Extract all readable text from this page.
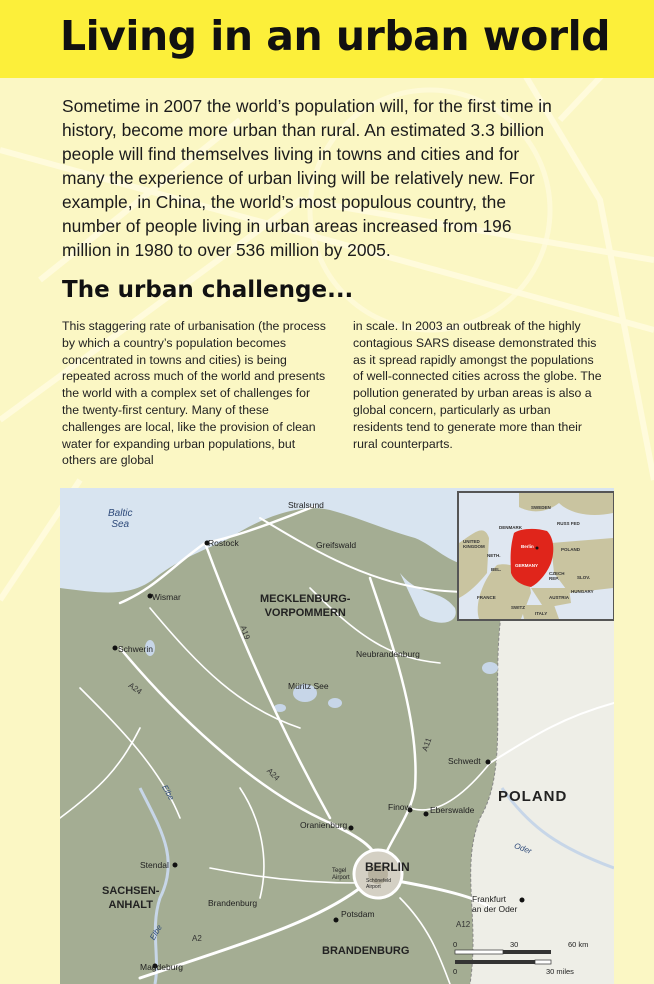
Living in an urban world

Sometime in 2007 the world’s population will, for the first time in history, become more urban than rural. An estimated 3.3 billion people will find themselves living in towns and cities and for many the experience of urban living will be relatively new. For example, in China, the world’s most populous country, the number of people living in urban areas increased from 196 million in 1980 to over 536 million by 2005.

The urban challenge...

This staggering rate of urbanisation (the process by which a country’s population becomes concentrated in towns and cities) is being repeated across much of the world and presents the world with a complex set of challenges for the twenty-first century. Many of these challenges are local, like the provision of clean water for expanding urban populations, but others are global

in scale. In 2003 an outbreak of the highly contagious SARS disease demonstrated this as it spread rapidly amongst the populations of well-connected cities across the globe. The pollution generated by urban areas is also a global concern, particularly as urban residents tend to generate more than their rural counterparts.

Baltic
Sea
Stralsund
Rostock	Greifswald
Wismar
Schwerin	Neubrandenburg
Müritz See
Schwedt
Finow Eberswalde
Oranienburg
Stendal
Tegel
Airport	Schönefeld
Airport
Brandenburg
Potsdam
Frankfurt
an der Oder
Magdeburg
MECKLENBURG-
VORPOMMERN
SACHSEN-
ANHALT
BRANDENBURG
POLAND
BERLIN
A19
A24
A11
A24
A12
A2
Elbe
Elbe
Oder
0	30	60 km
0	30 miles
SWEDEN
DENMARK
RUSS FED
UNITED
KINGDOM
NETH.
Berlin
POLAND
GERMANY
BEL.
CZECH
REP.	SLOV.
HUNGARY
AUSTRIA
FRANCE
SWITZ
ITALY
